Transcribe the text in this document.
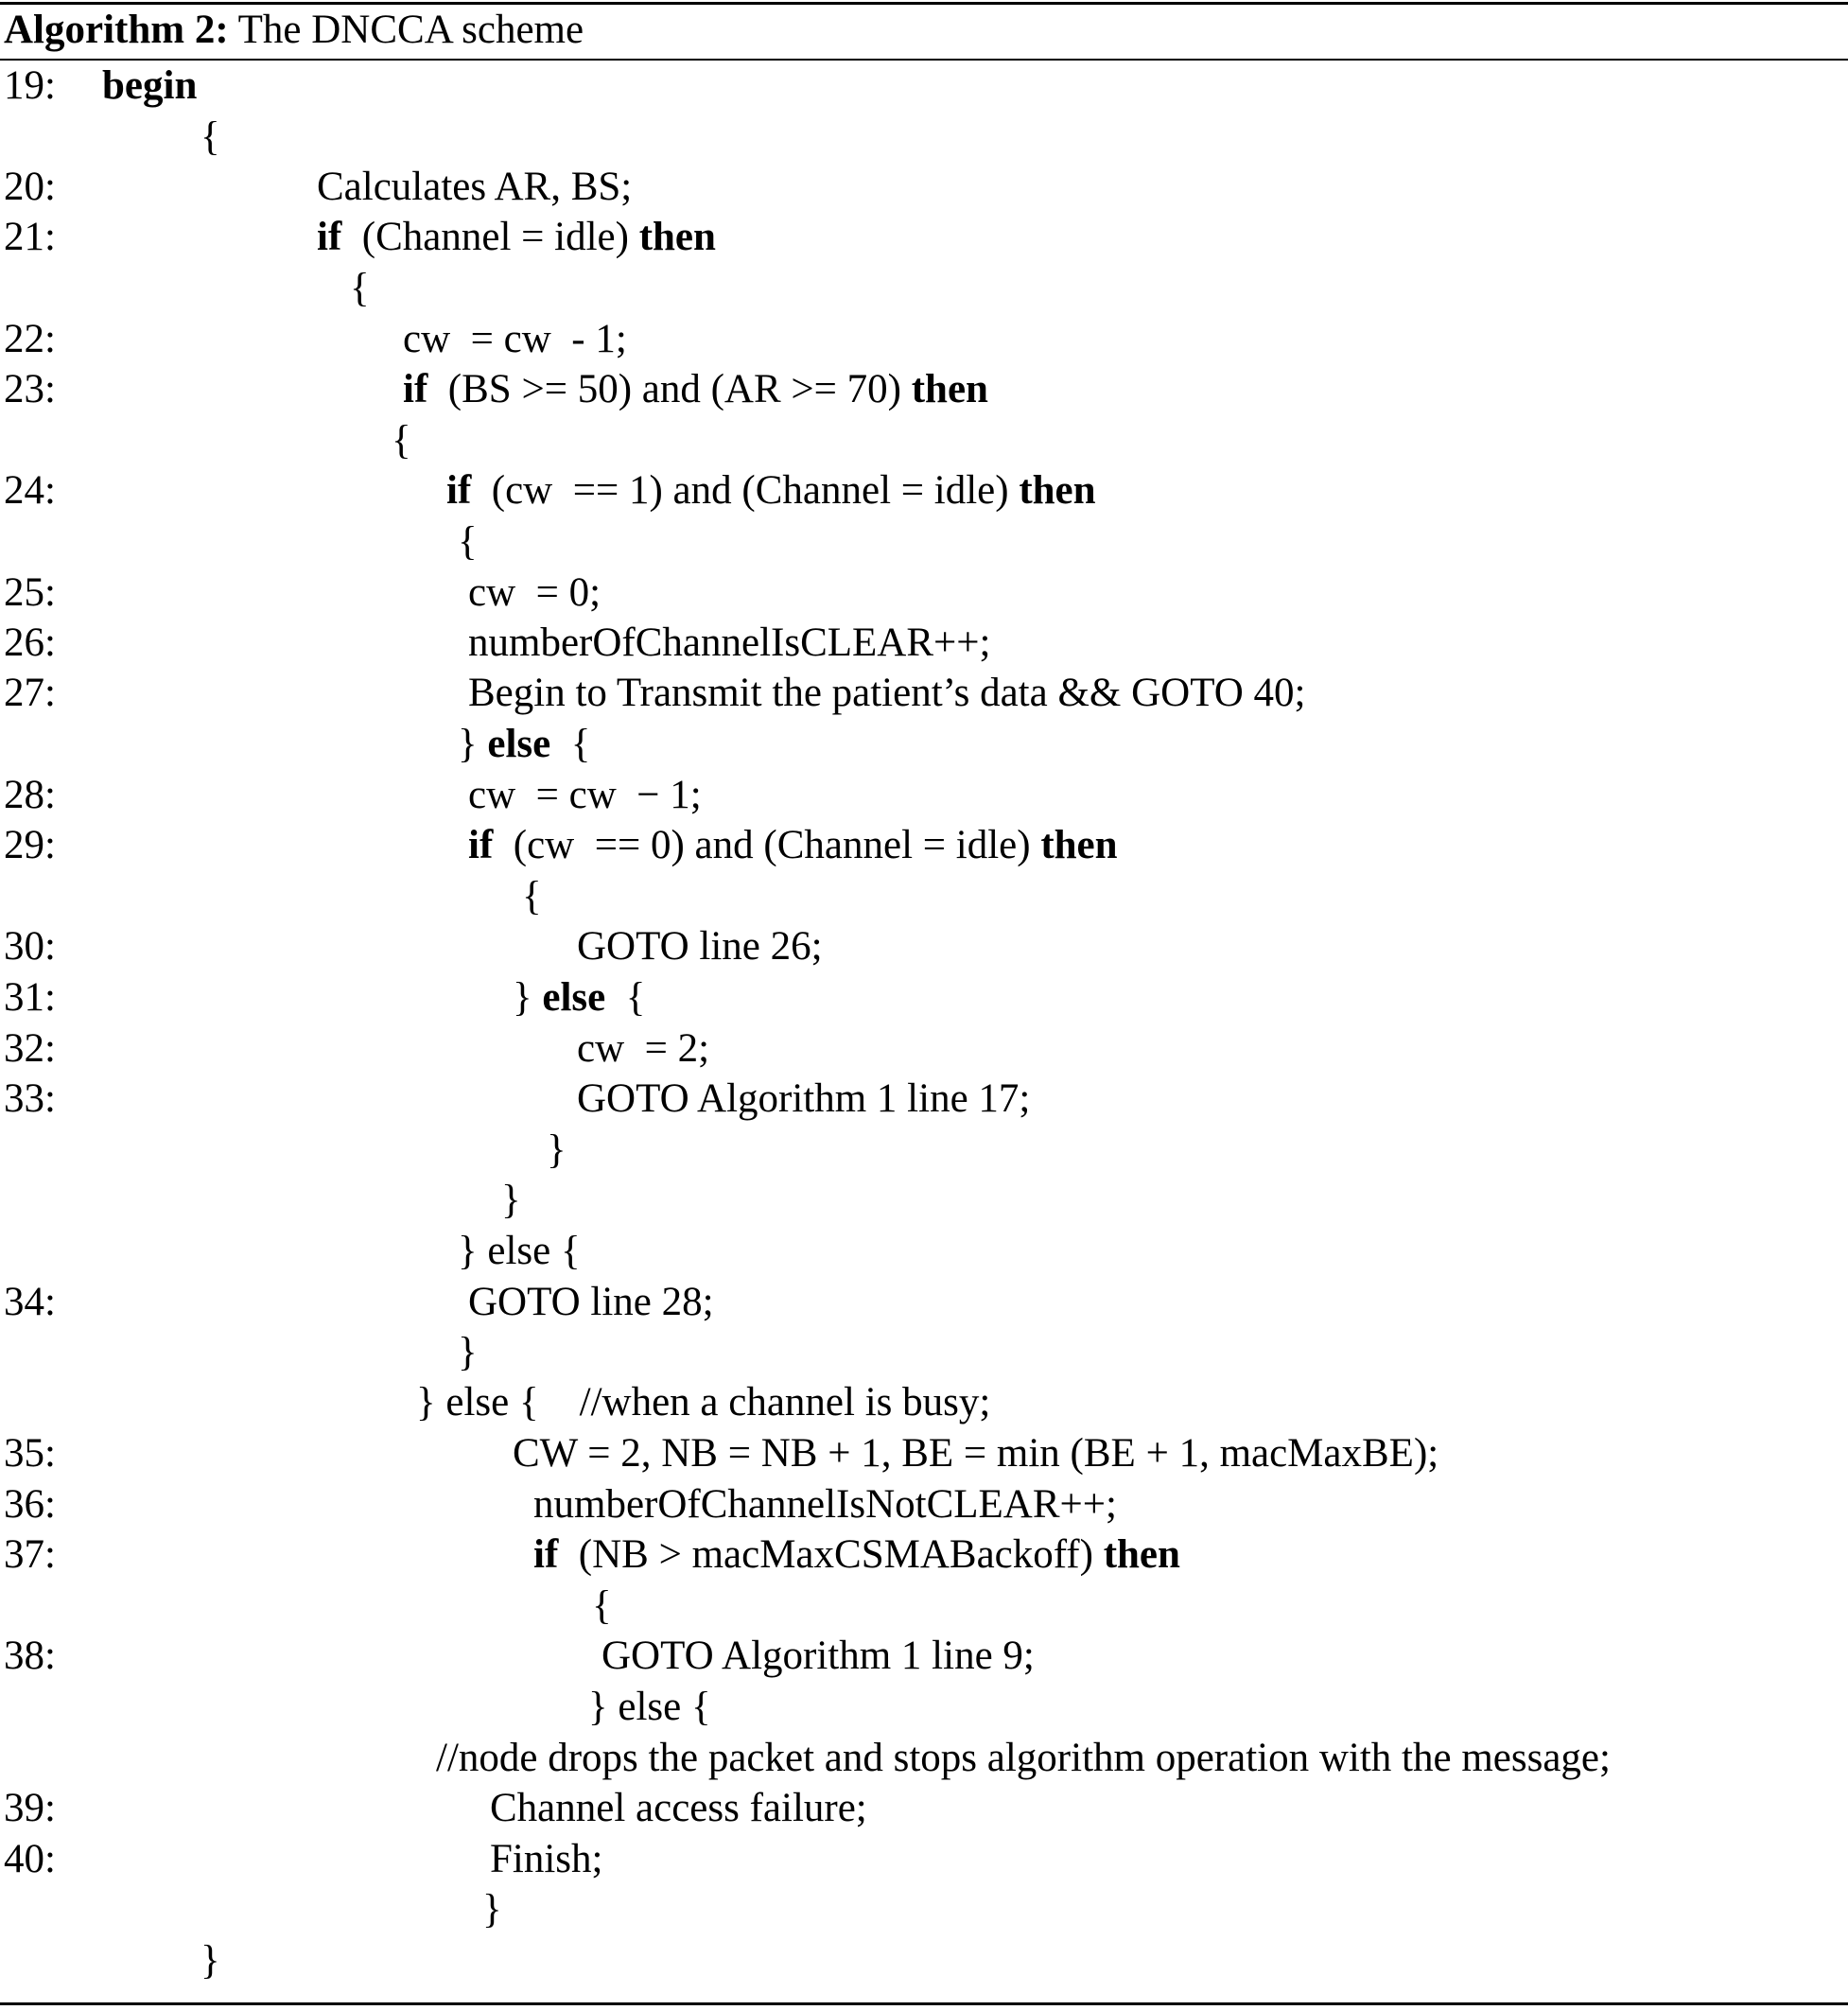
Algorithm 2: The DNCCA scheme
19: begin
{
20:	Calculates AR, BS;
21:	if  (Channel = idle) then
{
22:	cw  = cw  - 1;
23:	if  (BS >= 50) and (AR >= 70) then
{
24:	if  (cw  == 1) and (Channel = idle) then
{
25:	cw  = 0;
26:	numberOfChannelIsCLEAR++;
27:	Begin to Transmit the patient’s data && GOTO 40;
} else  {
28:	cw  = cw  − 1;
29:	if  (cw  == 0) and (Channel = idle) then
{
30:	GOTO line 26;
31:	} else  {
32:	cw  = 2;
33:	GOTO Algorithm 1 line 17;
}
}
} else {
34:	GOTO line 28;
}
} else {    //when a channel is busy;
35:	CW = 2, NB = NB + 1, BE = min (BE + 1, macMaxBE);
36:	numberOfChannelIsNotCLEAR++;
37:	if  (NB > macMaxCSMABackoff) then
{
38:	GOTO Algorithm 1 line 9;
} else {
//node drops the packet and stops algorithm operation with the message;
39:	Channel access failure;
40:	Finish;
}
}
